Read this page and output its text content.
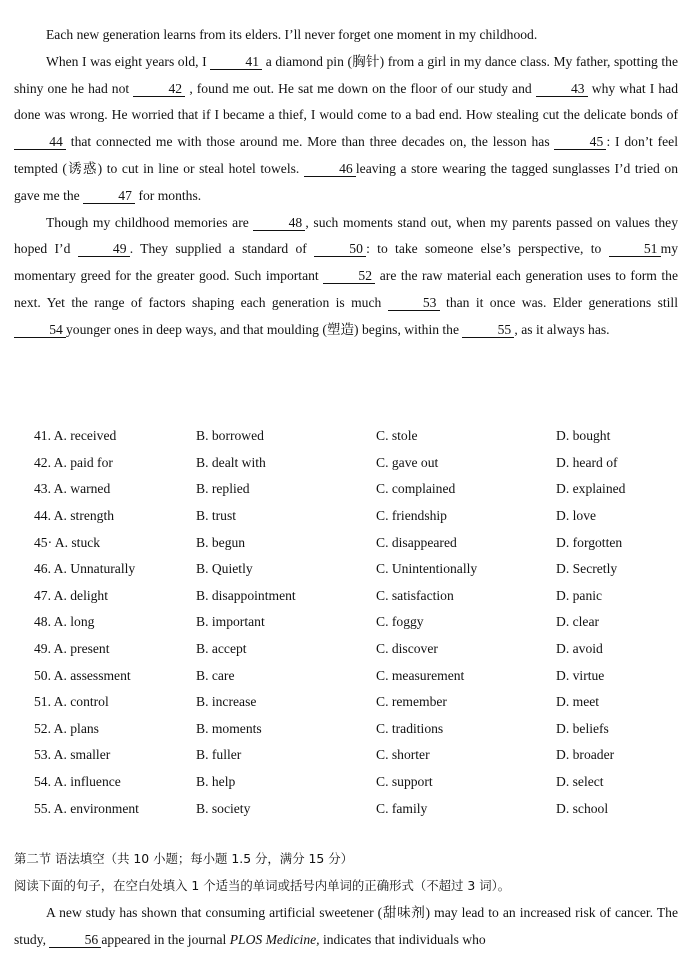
Each new generation learns from its elders. I’ll never forget one moment in my childhood.

When I was eight years old, I	41 a diamond pin (胸针) from a girl in my dance class. My father, spotting the shiny one he had not	42 , found me out. He sat me down on the floor of our study and	43 why what I had done was wrong. He worried that if I became a thief, I would come to a bad end. How stealing cut the delicate bonds of 44 that connected me with those around me. More than three decades on, the lesson has	45 : I don’t feel tempted (诱惑) to cut in line or steal hotel towels.	46 leaving a store wearing the tagged sunglasses I’d tried on gave me the	47 for months.

Though my childhood memories are	48 , such moments stand out, when my parents passed on values they hoped I’d	49 . They supplied a standard of	50 : to take someone else’s perspective, to	51 my momentary greed for the greater good. Such important	52 are the raw material each generation uses to form the next. Yet the range of factors shaping each generation is much	53 than it once was. Elder generations still 54 younger ones in deep ways, and that moulding (塑造) begins, within the	55 , as it always has.

41. A. received	B. borrowed	C. stole	D. bought
42. A. paid for	B. dealt with	C. gave out	D. heard of
43. A. warned	B. replied	C. complained	D. explained
44. A. strength	B. trust	C. friendship	D. love
45· A. stuck	B. begun	C. disappeared	D. forgotten
46. A. Unnaturally	B. Quietly	C. Unintentionally	D. Secretly
47. A. delight	B. disappointment	C. satisfaction	D. panic
48. A. long	B. important	C. foggy	D. clear
49. A. present	B. accept	C. discover	D. avoid
50. A. assessment	B. care	C. measurement	D. virtue
51. A. control	B. increase	C. remember	D. meet
52. A. plans	B. moments	C. traditions	D. beliefs
53. A. smaller	B. fuller	C. shorter	D. broader
54. A. influence	B. help	C. support	D. select
55. A. environment	B. society	C. family	D. school
第二节 语法填空（共 10 小题；每小题 1.5 分，满分 15 分）
阅读下面的句子，在空白处填入 1 个适当的单词或括号内单词的正确形式（不超过 3 词）。

A new study has shown that consuming artificial sweetener (甜味剂) may lead to an increased risk of cancer. The study,	56 appeared in the journal PLOS Medicine, indicates that individuals who
